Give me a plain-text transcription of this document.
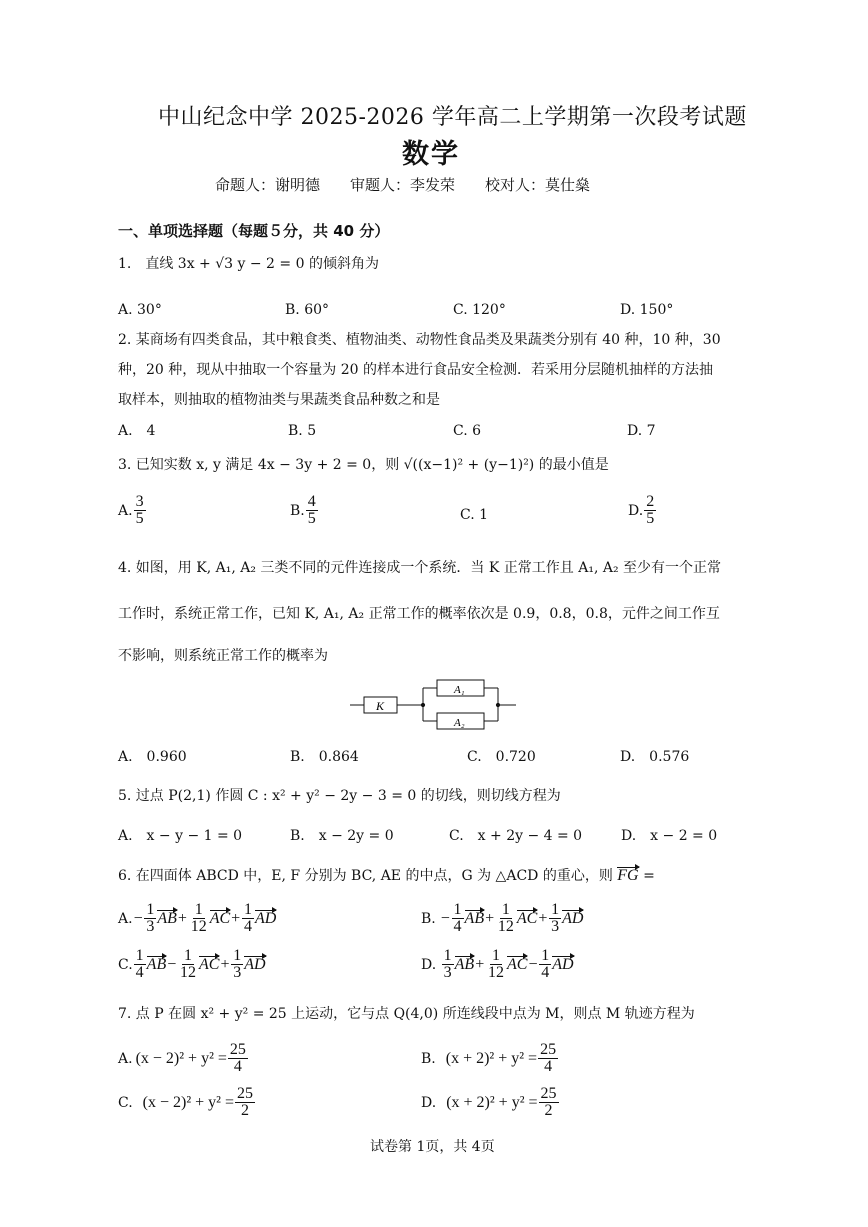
中山纪念中学 2025-2026 学年高二上学期第一次段考试题
数学
命题人：谢明德　　审题人：李发荣　　校对人：莫仕燊
一、单项选择题（每题５分，共 40 分）
1.　直线 3x + √3 y − 2 = 0 的倾斜角为
A. 30°	B. 60°	C. 120°	D. 150°
2. 某商场有四类食品，其中粮食类、植物油类、动物性食品类及果蔬类分别有 40 种，10 种，30
种，20 种，现从中抽取一个容量为 20 的样本进行食品安全检测．若采用分层随机抽样的方法抽
取样本，则抽取的植物油类与果蔬类食品种数之和是
A.　4	B. 5	C. 6	D. 7
3. 已知实数 x, y 满足 4x − 3y + 2 = 0，则 √((x−1)² + (y−1)²) 的最小值是
A. $\frac{3}{5}$	B. $\frac{4}{5}$	C. 1	D. $\frac{2}{5}$
4. 如图，用 K, A₁, A₂ 三类不同的元件连接成一个系统．当 K 正常工作且 A₁, A₂ 至少有一个正常
工作时，系统正常工作，已知 K, A₁, A₂ 正常工作的概率依次是 0.9，0.8，0.8，元件之间工作互
不影响，则系统正常工作的概率为
K
A₁
A₂
A.　0.960	B.　0.864	C.　0.720	D.　0.576
5. 过点 P(2,1) 作圆 C : x² + y² − 2y − 3 = 0 的切线，则切线方程为
A.　x − y − 1 = 0	B.　x − 2y = 0	C.　x + 2y − 4 = 0	D.　x − 2 = 0
6. 在四面体 ABCD 中，E, F 分别为 BC, AE 的中点，G 为 △ACD 的重心，则 FG =
A. − $\frac{1}{3}$ AB + $\frac{1}{12}$ AC + $\frac{1}{4}$ AD	B. − $\frac{1}{4}$ AB + $\frac{1}{12}$ AC + $\frac{1}{3}$ AD
C. $\frac{1}{4}$ AB − $\frac{1}{12}$ AC + $\frac{1}{3}$ AD	D.
$\frac{1}{3}$ AB + $\frac{1}{12}$ AC − $\frac{1}{4}$ AD
7. 点 P 在圆 x² + y² = 25 上运动，它与点 Q(4,0) 所连线段中点为 M，则点 M 轨迹方程为
A. $(x - 2)^2 + y^2 = \frac{25}{4}$	B. $(x + 2)^2 + y^2 = \frac{25}{4}$
C. $(x - 2)^2 + y^2 = \frac{25}{2}$	D. $(x + 2)^2 + y^2 = \frac{25}{2}$
试卷第 1页，共 4页
